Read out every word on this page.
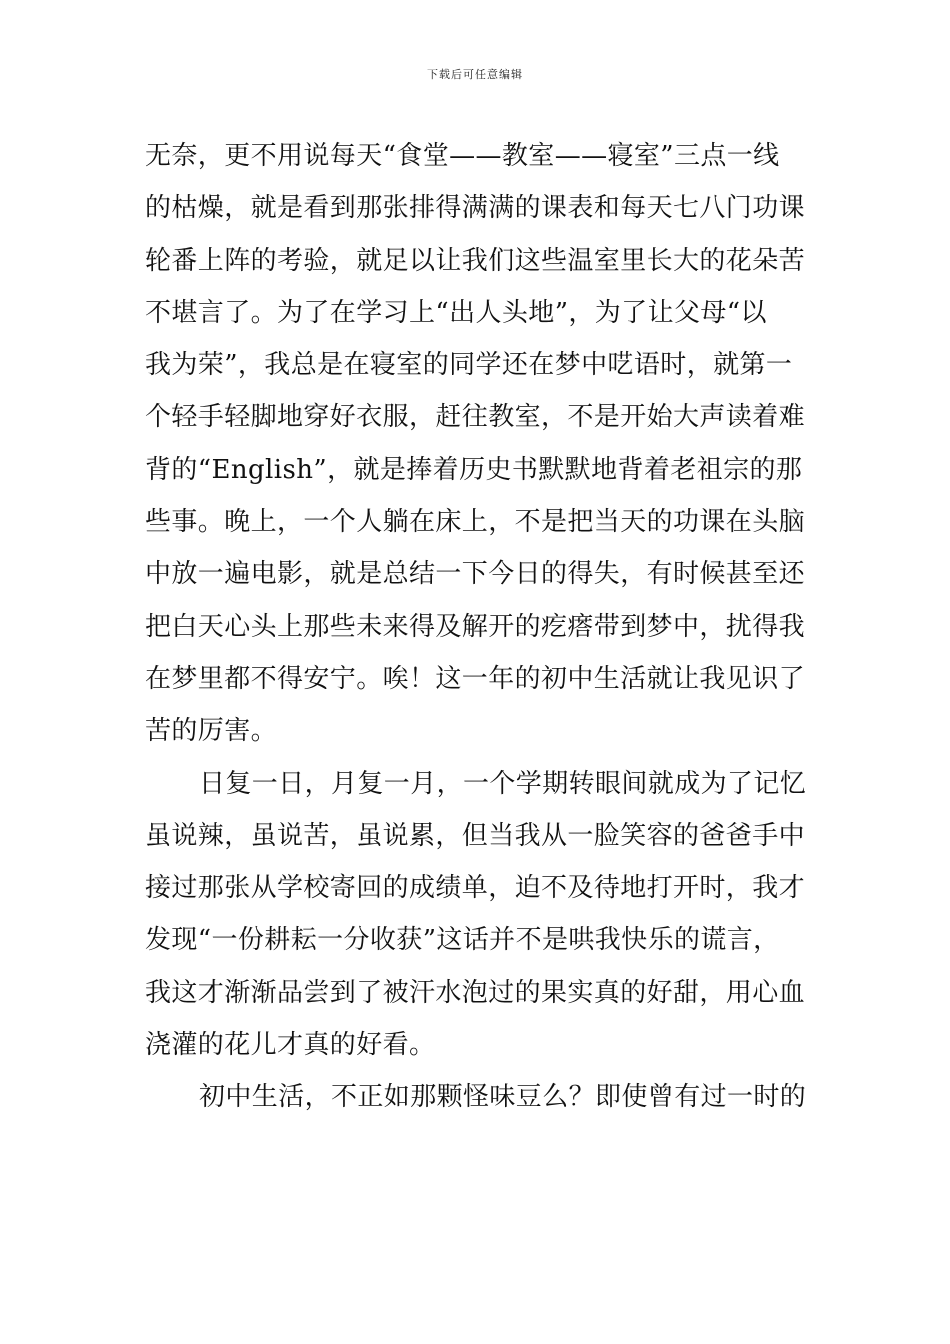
下载后可任意编辑
无奈，更不用说每天“食堂——教室——寝室”三点一线
的枯燥，就是看到那张排得满满的课表和每天七八门功课
轮番上阵的考验，就足以让我们这些温室里长大的花朵苦
不堪言了。为了在学习上“出人头地”，为了让父母“以
我为荣”，我总是在寝室的同学还在梦中呓语时，就第一
个轻手轻脚地穿好衣服，赶往教室，不是开始大声读着难
背的“English”，就是捧着历史书默默地背着老祖宗的那
些事。晚上，一个人躺在床上，不是把当天的功课在头脑
中放一遍电影，就是总结一下今日的得失，有时候甚至还
把白天心头上那些未来得及解开的疙瘩带到梦中，扰得我
在梦里都不得安宁。唉！这一年的初中生活就让我见识了
苦的厉害。
日复一日，月复一月，一个学期转眼间就成为了记忆
虽说辣，虽说苦，虽说累，但当我从一脸笑容的爸爸手中
接过那张从学校寄回的成绩单，迫不及待地打开时，我才
发现“一份耕耘一分收获”这话并不是哄我快乐的谎言，
我这才渐渐品尝到了被汗水泡过的果实真的好甜，用心血
浇灌的花儿才真的好看。
初中生活，不正如那颗怪味豆么？即使曾有过一时的
